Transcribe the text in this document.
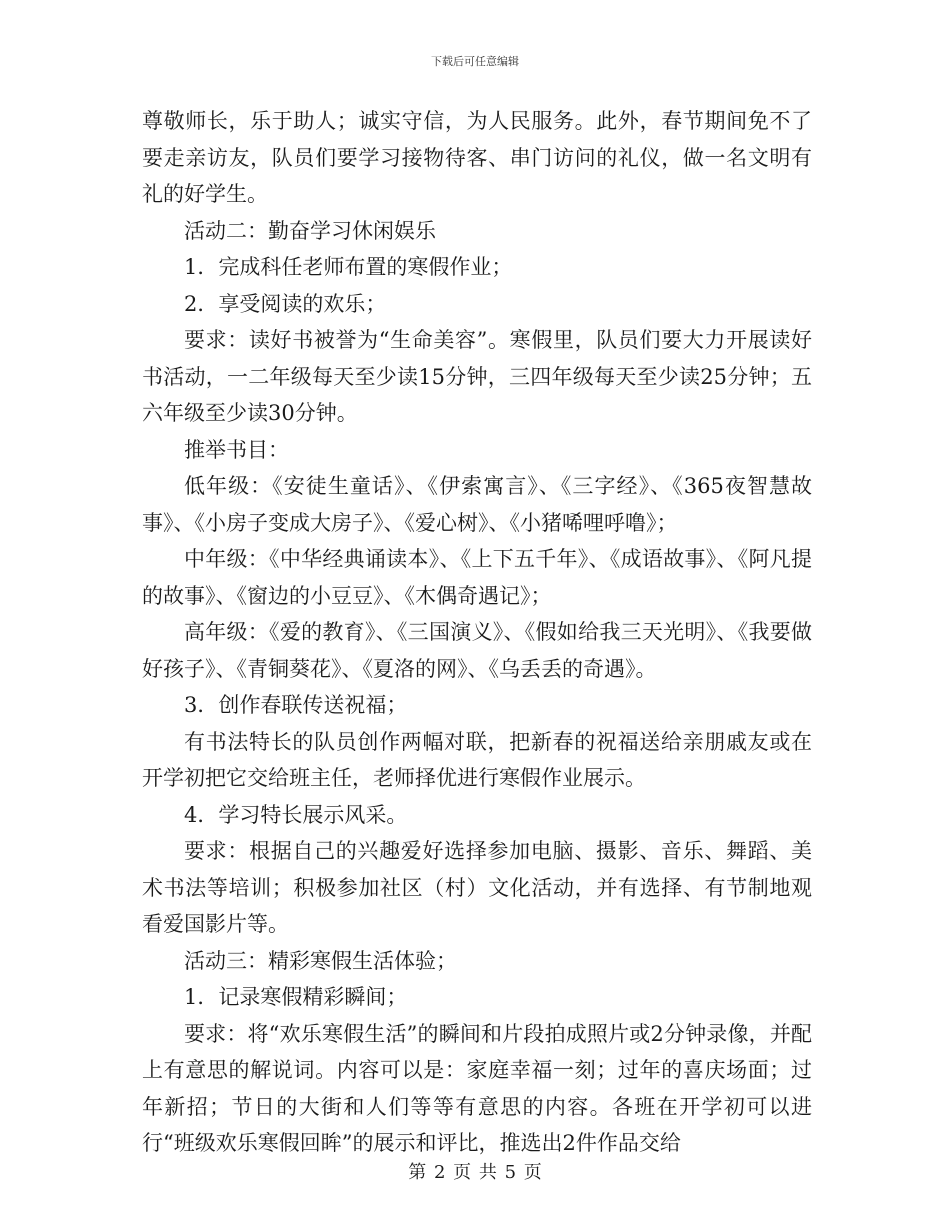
下载后可任意编辑

尊敬师长，乐于助人；诚实守信，为人民服务。此外，春节期间免不了要走亲访友，队员们要学习接物待客、串门访问的礼仪，做一名文明有礼的好学生。

活动二：勤奋学习休闲娱乐

1．完成科任老师布置的寒假作业；

2．享受阅读的欢乐；

要求：读好书被誉为“生命美容”。寒假里，队员们要大力开展读好书活动，一二年级每天至少读15分钟，三四年级每天至少读25分钟；五六年级至少读30分钟。

推举书目：

低年级：《安徒生童话》、《伊索寓言》、《三字经》、《365夜智慧故事》、《小房子变成大房子》、《爱心树》、《小猪唏哩呼噜》；

中年级：《中华经典诵读本》、《上下五千年》、《成语故事》、《阿凡提的故事》、《窗边的小豆豆》、《木偶奇遇记》；

高年级：《爱的教育》、《三国演义》、《假如给我三天光明》、《我要做好孩子》、《青铜葵花》、《夏洛的网》、《乌丢丢的奇遇》。

3．创作春联传送祝福；

有书法特长的队员创作两幅对联，把新春的祝福送给亲朋戚友或在开学初把它交给班主任，老师择优进行寒假作业展示。

4．学习特长展示风采。

要求：根据自己的兴趣爱好选择参加电脑、摄影、音乐、舞蹈、美术书法等培训；积极参加社区（村）文化活动，并有选择、有节制地观看爱国影片等。

活动三：精彩寒假生活体验；

1．记录寒假精彩瞬间；

要求：将“欢乐寒假生活”的瞬间和片段拍成照片或2分钟录像，并配上有意思的解说词。内容可以是：家庭幸福一刻；过年的喜庆场面；过年新招；节日的大街和人们等等有意思的内容。各班在开学初可以进行“班级欢乐寒假回眸”的展示和评比，推选出2件作品交给

第 2 页 共 5 页
